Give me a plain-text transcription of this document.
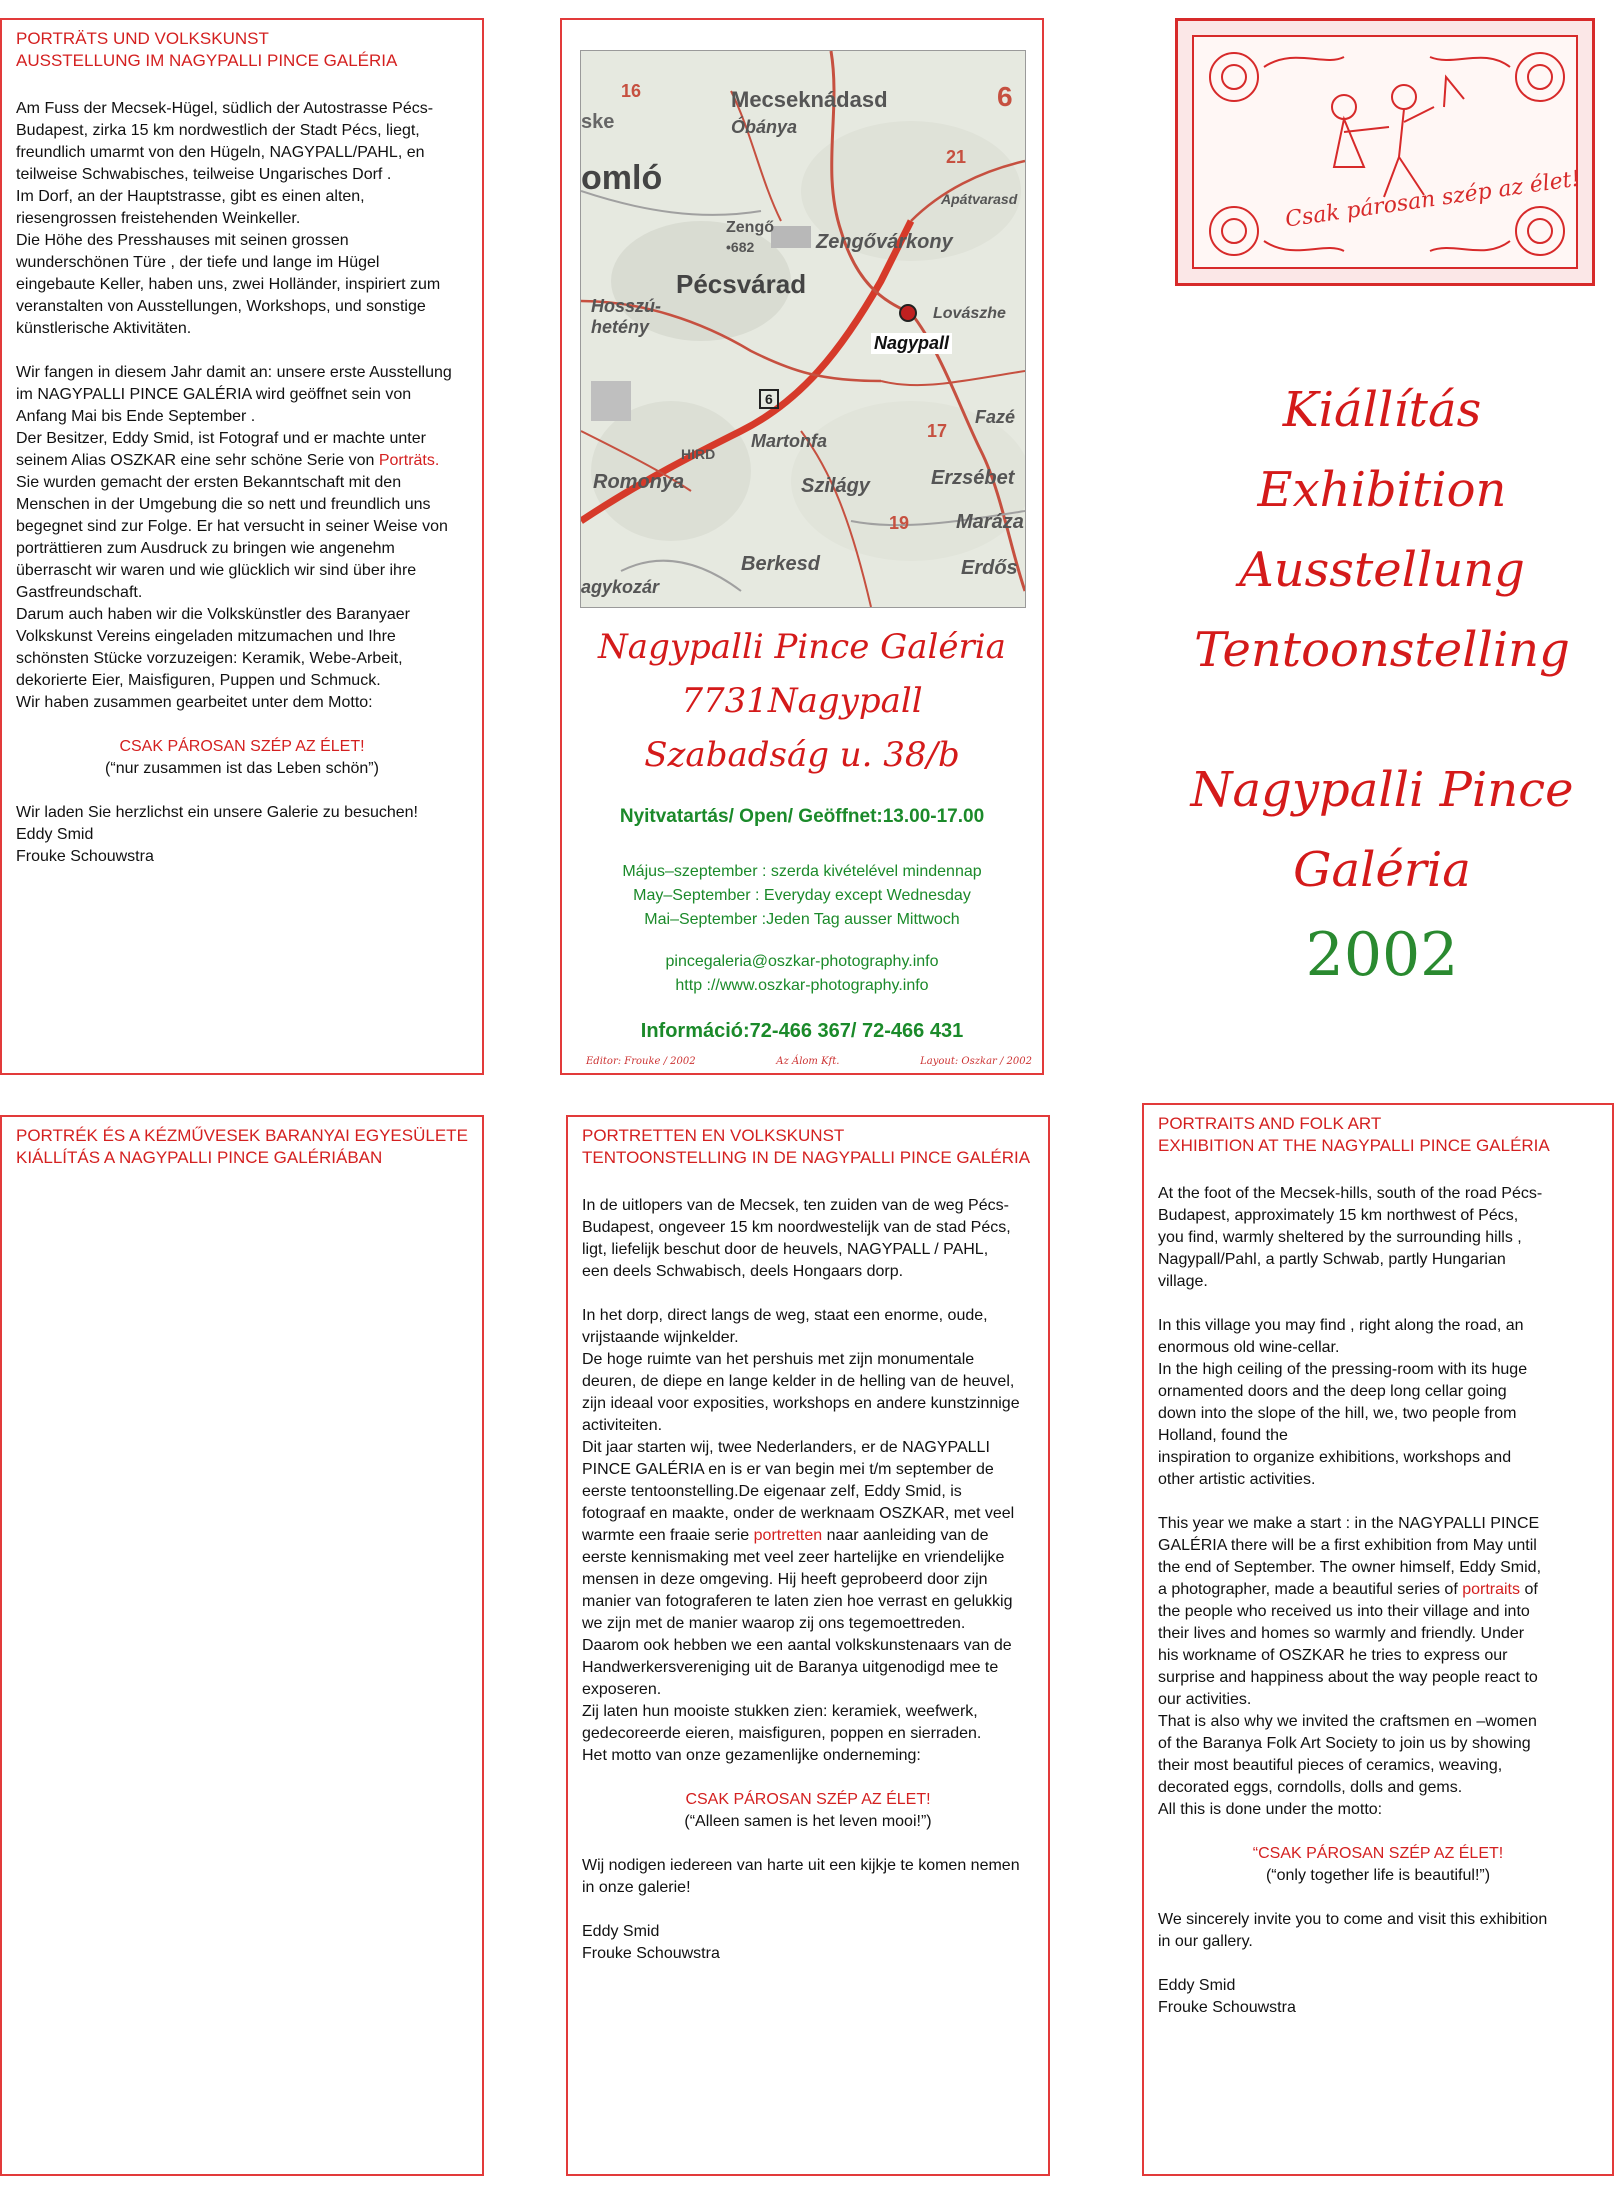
PORTRÄTS UND VOLKSKUNST
AUSSTELLUNG IM NAGYPALLI PINCE GALÉRIA

Am Fuss der Mecsek-Hügel, südlich der Autostrasse Pécs-

Budapest, zirka 15 km nordwestlich der Stadt Pécs, liegt,

freundlich umarmt von den Hügeln, NAGYPALL/PAHL, en

teilweise Schwabisches, teilweise Ungarisches Dorf .

Im Dorf, an der Hauptstrasse, gibt es einen alten,

riesengrossen freistehenden Weinkeller.

Die Höhe des Presshauses mit seinen grossen

wunderschönen Türe , der tiefe und lange im Hügel

eingebaute Keller, haben uns, zwei Holländer, inspiriert zum

veranstalten von Ausstellungen, Workshops, und sonstige

künstlerische Aktivitäten.

Wir fangen in diesem Jahr damit an: unsere erste Ausstellung

im NAGYPALLI PINCE GALÉRIA wird geöffnet sein von

Anfang Mai bis Ende September .

Der Besitzer, Eddy Smid, ist Fotograf und er machte unter

seinem Alias OSZKAR eine sehr schöne Serie von Porträts.

Sie wurden gemacht der ersten Bekanntschaft mit den

Menschen in der Umgebung die so nett und freundlich uns

begegnet sind zur Folge. Er hat versucht in seiner Weise von

porträttieren zum Ausdruck zu bringen wie angenehm

überrascht wir waren und wie glücklich wir sind über ihre

Gastfreundschaft.

Darum auch haben wir die Volkskünstler des Baranyaer

Volkskunst Vereins eingeladen mitzumachen und Ihre

schönsten Stücke vorzuzeigen: Keramik, Webe-Arbeit,

dekorierte Eier, Maisfiguren, Puppen und Schmuck.

Wir haben zusammen gearbeitet unter dem Motto:

CSAK PÁROSAN SZÉP AZ ÉLET!

(“nur zusammen ist das Leben schön”)

Wir laden Sie herzlichst ein unsere Galerie zu besuchen!

Eddy Smid

Frouke Schouwstra

Mecseknádasd
Óbánya
omló
Zengő
•682	Zengővárkony
Apátvarasd
Pécsvárad
Hosszú-
hetény
Lovászhe
Nagypall
6
Martonfa
HIRD
Fazé
Romonya	Szilágy	Erzsébet
Maráza
Berkesd	Erdős
agykozár
16
21
17
19
6
ske
Nagypalli Pince Galéria
7731Nagypall
Szabadság u. 38/b
Nyitvatartás/ Open/ Geöffnet:13.00-17.00
Május–szeptember : szerda kivételével mindennap
May–September : Everyday except Wednesday
Mai–September :Jeden Tag ausser Mittwoch
pincegaleria@oszkar-photography.info
http ://www.oszkar-photography.info
Információ:72-466 367/ 72-466 431
Editor: Frouke / 2002	Az Álom Kft.	Layout: Oszkar / 2002
Csak párosan szép az élet!
Kiállítás
Exhibition
Ausstellung
Tentoonstelling
Nagypalli Pince
Galéria
2002
PORTRÉK ÉS A KÉZMŰVESEK BARANYAI EGYESÜLETE
KIÁLLÍTÁS A NAGYPALLI PINCE GALÉRIÁBAN
PORTRETTEN EN VOLKSKUNST
TENTOONSTELLING IN DE NAGYPALLI PINCE GALÉRIA

In de uitlopers van de Mecsek, ten zuiden van de weg Pécs-

Budapest, ongeveer 15 km noordwestelijk van de stad Pécs,

ligt, liefelijk beschut door de heuvels, NAGYPALL / PAHL,

een deels Schwabisch, deels Hongaars dorp.

In het dorp, direct langs de weg, staat een enorme, oude,

vrijstaande wijnkelder.

De hoge ruimte van het pershuis met zijn monumentale

deuren, de diepe en lange kelder in de helling van de heuvel,

zijn ideaal voor exposities, workshops en andere kunstzinnige

activiteiten.

Dit jaar starten wij, twee Nederlanders, er de NAGYPALLI

PINCE GALÉRIA en is er van begin mei t/m september de

eerste tentoonstelling.De eigenaar zelf, Eddy Smid, is

fotograaf en maakte, onder de werknaam OSZKAR, met veel

warmte een fraaie serie portretten naar aanleiding van de

eerste kennismaking met veel zeer hartelijke en vriendelijke

mensen in deze omgeving. Hij heeft geprobeerd door zijn

manier van fotograferen te laten zien hoe verrast en gelukkig

we zijn met de manier waarop zij ons tegemoettreden.

Daarom ook hebben we een aantal volkskunstenaars van de

Handwerkersvereniging uit de Baranya uitgenodigd mee te

exposeren.

Zij laten hun mooiste stukken zien: keramiek, weefwerk,

gedecoreerde eieren, maisfiguren, poppen en sierraden.

Het motto van onze gezamenlijke onderneming:

CSAK PÁROSAN SZÉP AZ ÉLET!

(“Alleen samen is het leven mooi!”)

Wij nodigen iedereen van harte uit een kijkje te komen nemen

in onze galerie!

Eddy Smid

Frouke Schouwstra

PORTRAITS AND FOLK ART
EXHIBITION AT THE NAGYPALLI PINCE GALÉRIA

At the foot of the Mecsek-hills, south of the road Pécs-

Budapest, approximately 15 km northwest of Pécs,

you find, warmly sheltered by the surrounding hills ,

Nagypall/Pahl, a partly Schwab, partly Hungarian

village.

In this village you may find , right along the road, an

enormous old wine-cellar.

In the high ceiling of the pressing-room with its huge

ornamented doors and the deep long cellar going

down into the slope of the hill, we, two people from

Holland, found the

inspiration to organize exhibitions, workshops and

other artistic activities.

This year we make a start : in the NAGYPALLI PINCE

GALÉRIA there will be a first exhibition from May until

the end of September. The owner himself, Eddy Smid,

a photographer, made a beautiful series of portraits of

the people who received us into their village and into

their lives and homes so warmly and friendly. Under

his workname of OSZKAR he tries to express our

surprise and happiness about the way people react to

our activities.

That is also why we invited the craftsmen en –women

of the Baranya Folk Art Society to join us by showing

their most beautiful pieces of ceramics, weaving,

decorated eggs, corndolls, dolls and gems.

All this is done under the motto:

“CSAK PÁROSAN SZÉP AZ ÉLET!

(“only together life is beautiful!”)

We sincerely invite you to come and visit this exhibition

in our gallery.

Eddy Smid

Frouke Schouwstra
